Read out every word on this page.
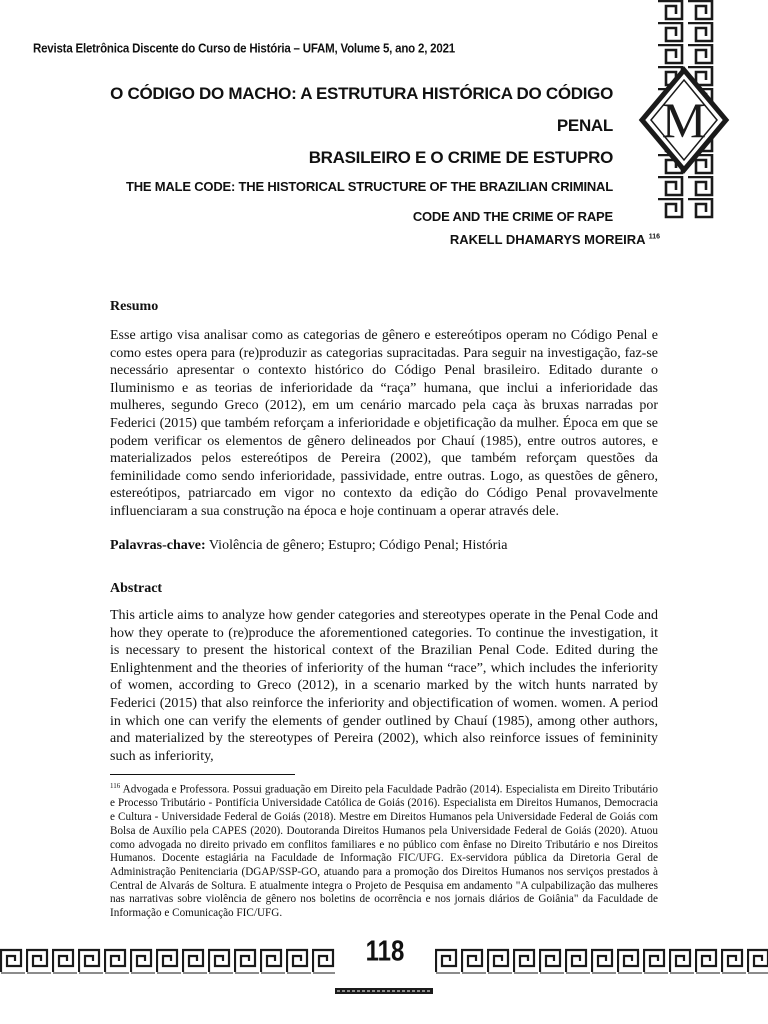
Revista Eletrônica Discente do Curso de História – UFAM, Volume 5, ano 2, 2021
O CÓDIGO DO MACHO: A ESTRUTURA HISTÓRICA DO CÓDIGO PENAL
BRASILEIRO E O CRIME DE ESTUPRO
M
THE MALE CODE: THE HISTORICAL STRUCTURE OF THE BRAZILIAN CRIMINAL
CODE AND THE CRIME OF RAPE
RAKELL DHAMARYS MOREIRA $^{116}$
Resumo
Esse artigo visa analisar como as categorias de gênero e estereótipos operam no Código Penal e como estes opera para (re)produzir as categorias supracitadas. Para seguir na investigação, faz-se necessário apresentar o contexto histórico do Código Penal brasileiro. Editado durante o Iluminismo e as teorias de inferioridade da “raça” humana, que inclui a inferioridade das mulheres, segundo Greco (2012), em um cenário marcado pela caça às bruxas narradas por Federici (2015) que também reforçam a inferioridade e objetificação da mulher. Época em que se podem verificar os elementos de gênero delineados por Chauí (1985), entre outros autores, e materializados pelos estereótipos de Pereira (2002), que também reforçam questões da feminilidade como sendo inferioridade, passividade, entre outras. Logo, as questões de gênero, estereótipos, patriarcado em vigor no contexto da edição do Código Penal provavelmente influenciaram a sua construção na época e hoje continuam a operar através dele.
Palavras-chave: Violência de gênero; Estupro; Código Penal; História
Abstract
This article aims to analyze how gender categories and stereotypes operate in the Penal Code and how they operate to (re)produce the aforementioned categories. To continue the investigation, it is necessary to present the historical context of the Brazilian Penal Code. Edited during the Enlightenment and the theories of inferiority of the human “race”, which includes the inferiority of women, according to Greco (2012), in a scenario marked by the witch hunts narrated by Federici (2015) that also reinforce the inferiority and objectification of women. women. A period in which one can verify the elements of gender outlined by Chauí (1985), among other authors, and materialized by the stereotypes of Pereira (2002), which also reinforce issues of femininity such as inferiority,
$^{116}$ Advogada e Professora. Possui graduação em Direito pela Faculdade Padrão (2014). Especialista em Direito Tributário e Processo Tributário - Pontifícia Universidade Católica de Goiás (2016). Especialista em Direitos Humanos, Democracia e Cultura - Universidade Federal de Goiás (2018). Mestre em Direitos Humanos pela Universidade Federal de Goiás com Bolsa de Auxílio pela CAPES (2020). Doutoranda Direitos Humanos pela Universidade Federal de Goiás (2020). Atuou como advogada no direito privado em conflitos familiares e no público com ênfase no Direito Tributário e nos Direitos Humanos. Docente estagiária na Faculdade de Informação FIC/UFG. Ex-servidora pública da Diretoria Geral de Administração Penitenciaria (DGAP/SSP-GO, atuando para a promoção dos Direitos Humanos nos serviços prestados à Central de Alvarás de Soltura. E atualmente integra o Projeto de Pesquisa em andamento "A culpabilização das mulheres nas narrativas sobre violência de gênero nos boletins de ocorrência e nos jornais diários de Goiânia" da Faculdade de Informação e Comunicação FIC/UFG.
118
